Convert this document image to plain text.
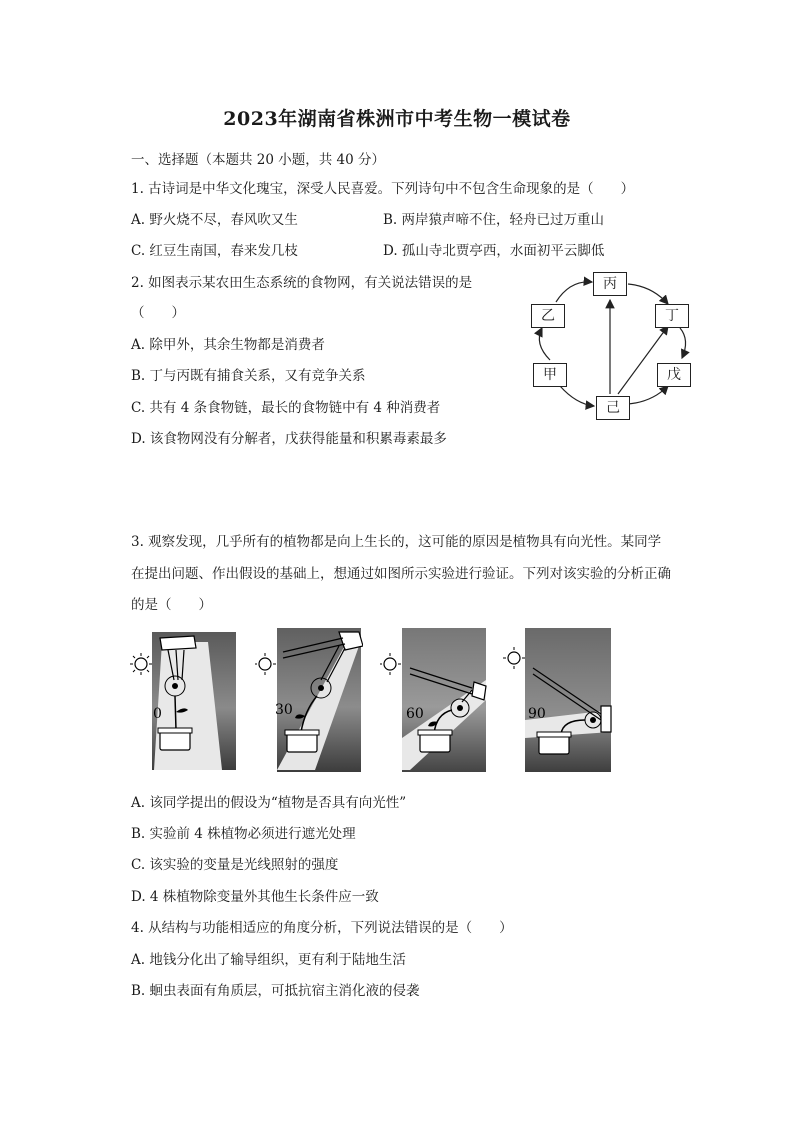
2023年湖南省株洲市中考生物一模试卷
一、选择题（本题共 20 小题，共 40 分）
1. 古诗词是中华文化瑰宝，深受人民喜爱。下列诗句中不包含生命现象的是（　　）
A. 野火烧不尽，春风吹又生	B. 两岸猿声啼不住，轻舟已过万重山
C. 红豆生南国，春来发几枝	D. 孤山寺北贾亭西，水面初平云脚低
2. 如图表示某农田生态系统的食物网，有关说法错误的是
（　　）
A. 除甲外，其余生物都是消费者
B. 丁与丙既有捕食关系，又有竞争关系
C. 共有 4 条食物链，最长的食物链中有 4 种消费者
D. 该食物网没有分解者，戊获得能量和积累毒素最多
丙
乙	丁
甲	戊
己
3. 观察发现，几乎所有的植物都是向上生长的，这可能的原因是植物具有向光性。某同学
在提出问题、作出假设的基础上，想通过如图所示实验进行验证。下列对该实验的分析正确
的是（　　）
0	30	60	90
A. 该同学提出的假设为“植物是否具有向光性”
B. 实验前 4 株植物必须进行遮光处理
C. 该实验的变量是光线照射的强度
D. 4 株植物除变量外其他生长条件应一致
4. 从结构与功能相适应的角度分析，下列说法错误的是（　　）
A. 地钱分化出了输导组织，更有利于陆地生活
B. 蛔虫表面有角质层，可抵抗宿主消化液的侵袭
